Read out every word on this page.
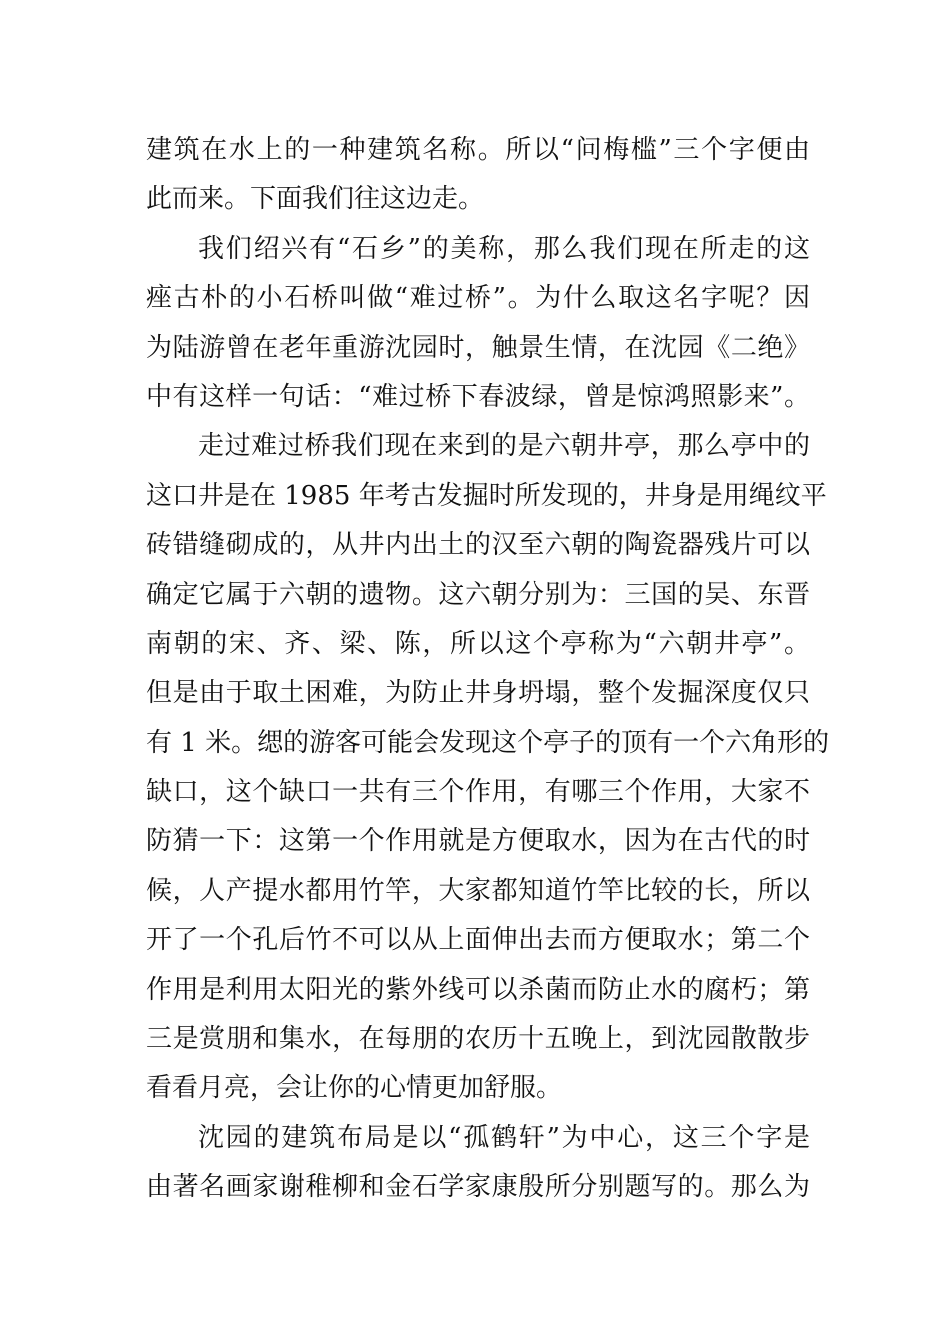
建筑在水上的一种建筑名称。所以“问梅槛”三个字便由
此而来。下面我们往这边走。
我们绍兴有“石乡”的美称，那么我们现在所走的这
痤古朴的小石桥叫做“难过桥”。为什么取这名字呢？因
为陆游曾在老年重游沈园时，触景生情，在沈园《二绝》
中有这样一句话：“难过桥下春波绿，曾是惊鸿照影来”。
走过难过桥我们现在来到的是六朝井亭，那么亭中的
这口井是在 1985 年考古发掘时所发现的，井身是用绳纹平
砖错缝砌成的，从井内出土的汉至六朝的陶瓷器残片可以
确定它属于六朝的遗物。这六朝分别为：三国的吴、东晋
南朝的宋、齐、梁、陈，所以这个亭称为“六朝井亭”。
但是由于取土困难，为防止井身坍塌，整个发掘深度仅只
有 1 米。缌的游客可能会发现这个亭子的顶有一个六角形的
缺口，这个缺口一共有三个作用，有哪三个作用，大家不
防猜一下：这第一个作用就是方便取水，因为在古代的时
候，人产提水都用竹竿，大家都知道竹竿比较的长，所以
开了一个孔后竹不可以从上面伸出去而方便取水；第二个
作用是利用太阳光的紫外线可以杀菌而防止水的腐朽；第
三是赏朋和集水，在每朋的农历十五晚上，到沈园散散步
看看月亮，会让你的心情更加舒服。
沈园的建筑布局是以“孤鹤轩”为中心，这三个字是
由著名画家谢稚柳和金石学家康殷所分别题写的。那么为
